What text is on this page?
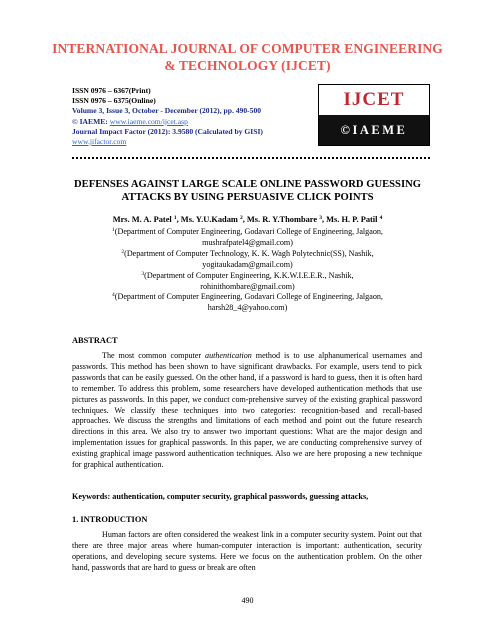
INTERNATIONAL JOURNAL OF COMPUTER ENGINEERING
& TECHNOLOGY (IJCET)
ISSN 0976 – 6367(Print)
ISSN 0976 – 6375(Online)
Volume 3, Issue 3, October - December (2012), pp. 490-500
© IAEME: www.iaeme.com/ijcet.asp
Journal Impact Factor (2012): 3.9580 (Calculated by GISI)
www.jifactor.com
IJCET
©IAEME
DEFENSES AGAINST LARGE SCALE ONLINE PASSWORD GUESSING
ATTACKS BY USING PERSUASIVE CLICK POINTS
Mrs. M. A. Patel $^1$, Ms. Y.U.Kadam $^2$, Ms. R. Y.Thombare $^3$, Ms. H. P. Patil $^4$

$^1$(Department of Computer Engineering, Godavari College of Engineering, Jalgaon,

mushrafpatel4@gmail.com)

$^2$(Department of Computer Technology, K. K. Wagh Polytechnic(SS), Nashik,

yogitaukadam@gmail.com)

$^3$(Department of Computer Engineering, K.K.W.I.E.E.R., Nashik,

rohinithombare@gmail.com)

$^4$(Department of Computer Engineering, Godavari College of Engineering, Jalgaon,

harsh28_4@yahoo.com)

ABSTRACT

The most common computer authentication method is to use alphanumerical usernames and passwords. This method has been shown to have significant drawbacks. For example, users tend to pick passwords that can be easily guessed. On the other hand, if a password is hard to guess, then it is often hard to remember. To address this problem, some researchers have developed authentication methods that use pictures as passwords. In this paper, we conduct com-prehensive survey of the existing graphical password techniques. We classify these techniques into two categories: recognition-based and recall-based approaches. We discuss the strengths and limitations of each method and point out the future research directions in this area. We also try to answer two important questions: What are the major design and implementation issues for graphical passwords. In this paper, we are conducting comprehensive survey of existing graphical image password authentication techniques. Also we are here proposing a new technique for graphical authentication.

Keywords: authentication, computer security, graphical passwords, guessing attacks,
1. INTRODUCTION

Human factors are often considered the weakest link in a computer security system. Point out that there are three major areas where human-computer interaction is important: authentication, security operations, and developing secure systems. Here we focus on the authentication problem. On the other hand, passwords that are hard to guess or break are often

490
